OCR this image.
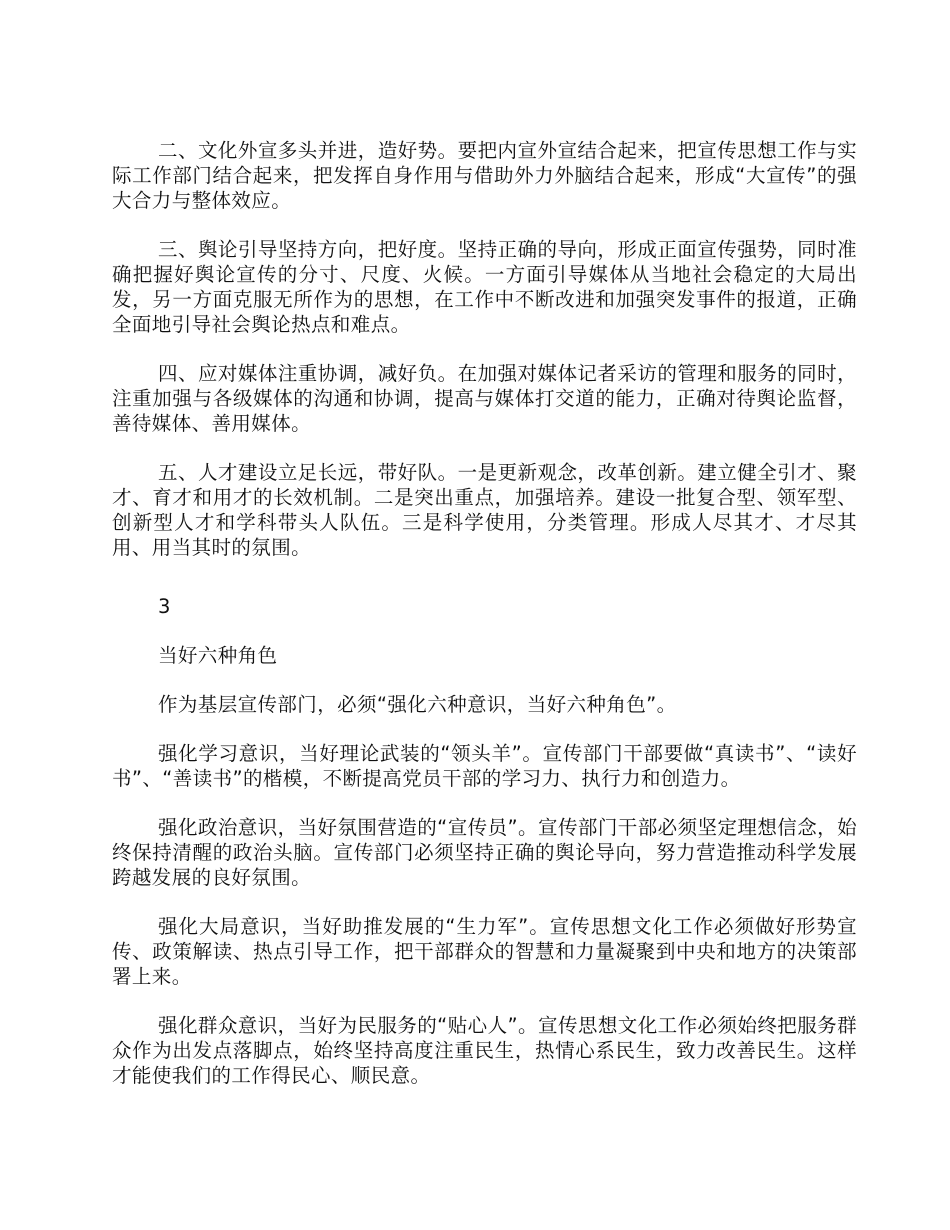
二、文化外宣多头并进，造好势。要把内宣外宣结合起来，把宣传思想工作与实际工作部门结合起来，把发挥自身作用与借助外力外脑结合起来，形成“大宣传”的强大合力与整体效应。

三、舆论引导坚持方向，把好度。坚持正确的导向，形成正面宣传强势，同时准确把握好舆论宣传的分寸、尺度、火候。一方面引导媒体从当地社会稳定的大局出发，另一方面克服无所作为的思想，在工作中不断改进和加强突发事件的报道，正确全面地引导社会舆论热点和难点。

四、应对媒体注重协调，减好负。在加强对媒体记者采访的管理和服务的同时，注重加强与各级媒体的沟通和协调，提高与媒体打交道的能力，正确对待舆论监督，善待媒体、善用媒体。

五、人才建设立足长远，带好队。一是更新观念，改革创新。建立健全引才、聚才、育才和用才的长效机制。二是突出重点，加强培养。建设一批复合型、领军型、创新型人才和学科带头人队伍。三是科学使用，分类管理。形成人尽其才、才尽其用、用当其时的氛围。

3

当好六种角色

作为基层宣传部门，必须“强化六种意识，当好六种角色”。

强化学习意识，当好理论武装的“领头羊”。宣传部门干部要做“真读书”、“读好书”、“善读书”的楷模，不断提高党员干部的学习力、执行力和创造力。

强化政治意识，当好氛围营造的“宣传员”。宣传部门干部必须坚定理想信念，始终保持清醒的政治头脑。宣传部门必须坚持正确的舆论导向，努力营造推动科学发展跨越发展的良好氛围。

强化大局意识，当好助推发展的“生力军”。宣传思想文化工作必须做好形势宣传、政策解读、热点引导工作，把干部群众的智慧和力量凝聚到中央和地方的决策部署上来。

强化群众意识，当好为民服务的“贴心人”。宣传思想文化工作必须始终把服务群众作为出发点落脚点，始终坚持高度注重民生，热情心系民生，致力改善民生。这样才能使我们的工作得民心、顺民意。
